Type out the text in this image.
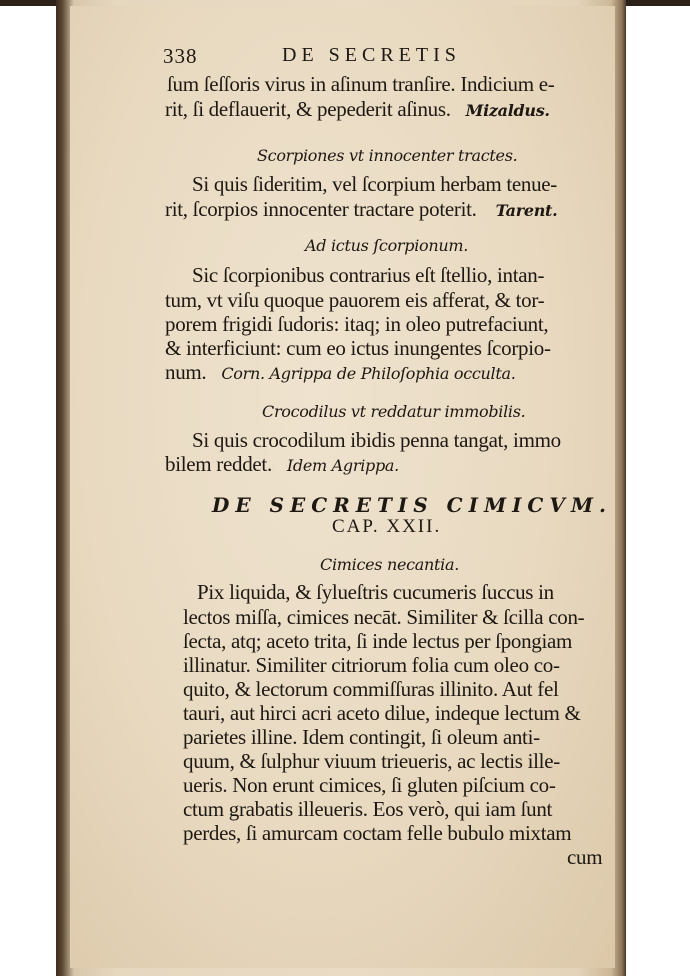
338	DE SECRETIS
ſum ſeſſoris virus in aſinum tranſire. Indicium e-
rit, ſi deflauerit, & pepederit aſinus. Mizaldus.
Scorpiones vt innocenter tractes.
Si quis ſideritim, vel ſcorpium herbam tenue-
rit, ſcorpios innocenter tractare poterit. Tarent.
Ad ictus ſcorpionum.
Sic ſcorpionibus contrarius eſt ſtellio, intan-
tum, vt viſu quoque pauorem eis afferat, & tor-
porem frigidi ſudoris: itaq; in oleo putrefaciunt,
& interficiunt: cum eo ictus inungentes ſcorpio-
num. Corn. Agrippa de Philoſophia occulta.
Crocodilus vt reddatur immobilis.
Si quis crocodilum ibidis penna tangat, immo
bilem reddet. Idem Agrippa.
DE SECRETIS CIMICVM.
CAP. XXII.
Cimices necantia.
Pix liquida, & ſylueſtris cucumeris ſuccus in
lectos miſſa, cimices necāt. Similiter & ſcilla con-
ſecta, atq; aceto trita, ſi inde lectus per ſpongiam
illinatur. Similiter citriorum folia cum oleo co-
quito, & lectorum commiſſuras illinito. Aut fel
tauri, aut hirci acri aceto dilue, indeque lectum &
parietes illine. Idem contingit, ſi oleum anti-
quum, & ſulphur viuum trieueris, ac lectis ille-
ueris. Non erunt cimices, ſi gluten piſcium co-
ctum grabatis illeueris. Eos verò, qui iam ſunt
perdes, ſi amurcam coctam felle bubulo mixtam
cum
